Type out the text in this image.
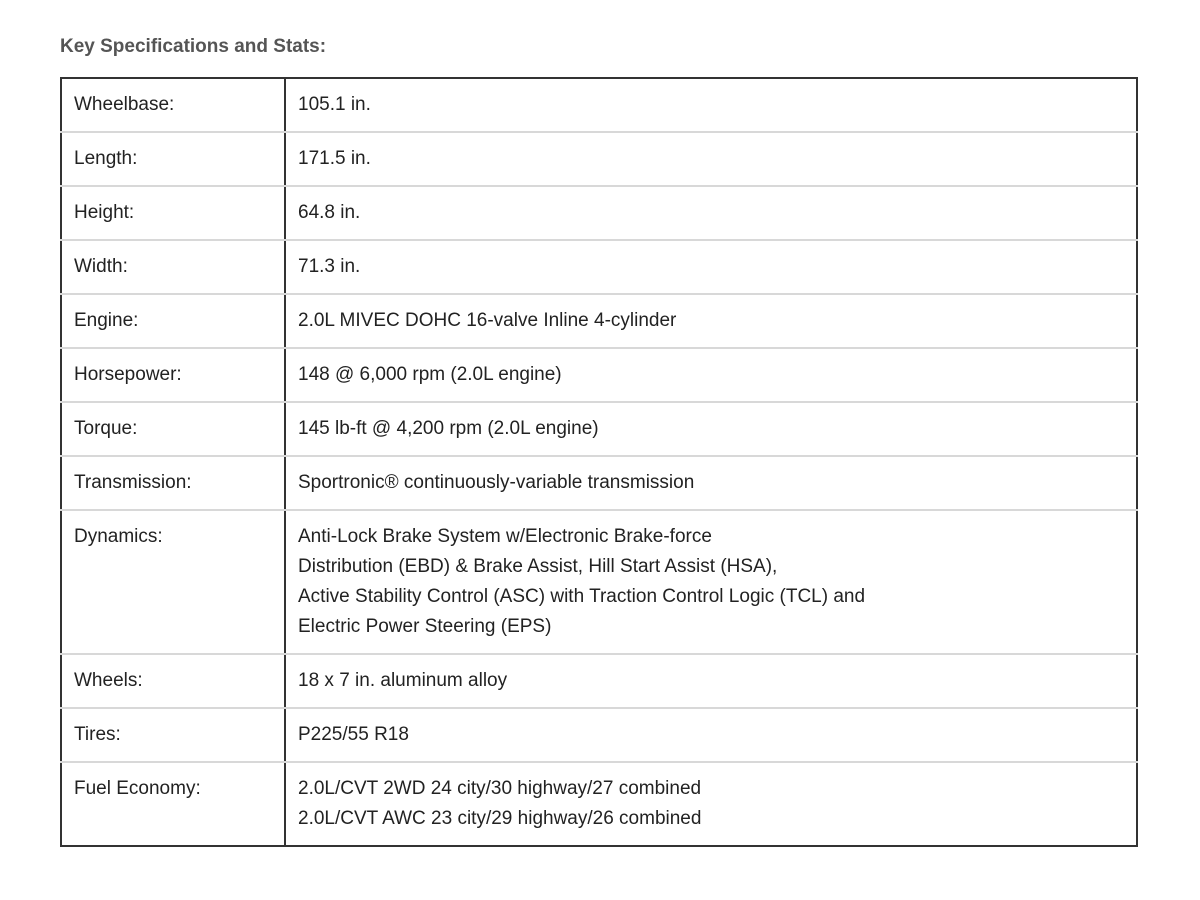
Key Specifications and Stats:
Wheelbase:	105.1 in.

Length:	171.5 in.

Height:	64.8 in.

Width:	71.3 in.

Engine:	2.0L MIVEC DOHC 16-valve Inline 4-cylinder

Horsepower:	148 @ 6,000 rpm (2.0L engine)

Torque:	145 lb-ft @ 4,200 rpm (2.0L engine)

Transmission:	Sportronic® continuously-variable transmission

Dynamics:	Anti-Lock Brake System w/Electronic Brake-force
Distribution (EBD) & Brake Assist, Hill Start Assist (HSA),
Active Stability Control (ASC) with Traction Control Logic (TCL) and
Electric Power Steering (EPS)

Wheels:	18 x 7 in. aluminum alloy

Tires:	P225/55 R18

Fuel Economy:	2.0L/CVT 2WD 24 city/30 highway/27 combined
2.0L/CVT AWC 23 city/29 highway/26 combined
